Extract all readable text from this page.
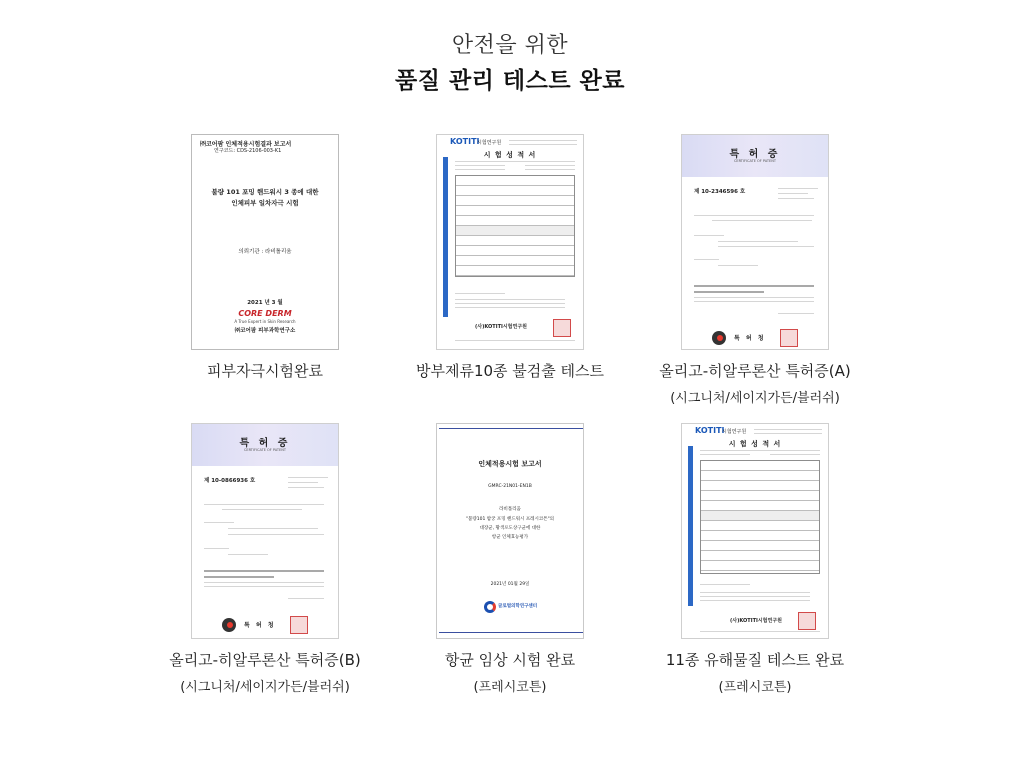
안전을 위한
품질 관리 테스트 완료
㈜코어팜 인체적용시험결과 보고서
연구코드: CDS-2106-003-K1
불량 101 포밍 핸드워시 3 종에 대한
인체피부 일차자극 시험
의뢰기관 : 라비톨리움
2021 년 3 월
CORE DERM
A True Expert in Skin Research
㈜코어팜 피부과학연구소
피부자극시험완료
KOTITI
시험연구원
시 험 성 적 서
(사)KOTITI시험연구원
방부제류10종 불검출 테스트
특 허 증
CERTIFICATE OF PATENT
제 10-2346596 호
특 허 청
올리고-히알루론산 특허증(A)
(시그니처/세이지가든/블러쉬)
특 허 증
CERTIFICATE OF PATENT
제 10-0866936 호
특 허 청
올리고-히알루론산 특허증(B)
(시그니처/세이지가든/블러쉬)
인체적용시험 보고서
GMRC-21N01-EN1B
라비톨리움
"불량101 밤궁 포밍 핸드워시 프레시코튼"의
대장균, 황색포도상구균에 대한
항균 인체효능평가
2021년 01월 29일
글로벌의학연구센터
항균 임상 시험 완료
(프레시코튼)
KOTITI
시험연구원
시 험 성 적 서
(사)KOTITI시험연구원
11종 유해물질 테스트 완료
(프레시코튼)
